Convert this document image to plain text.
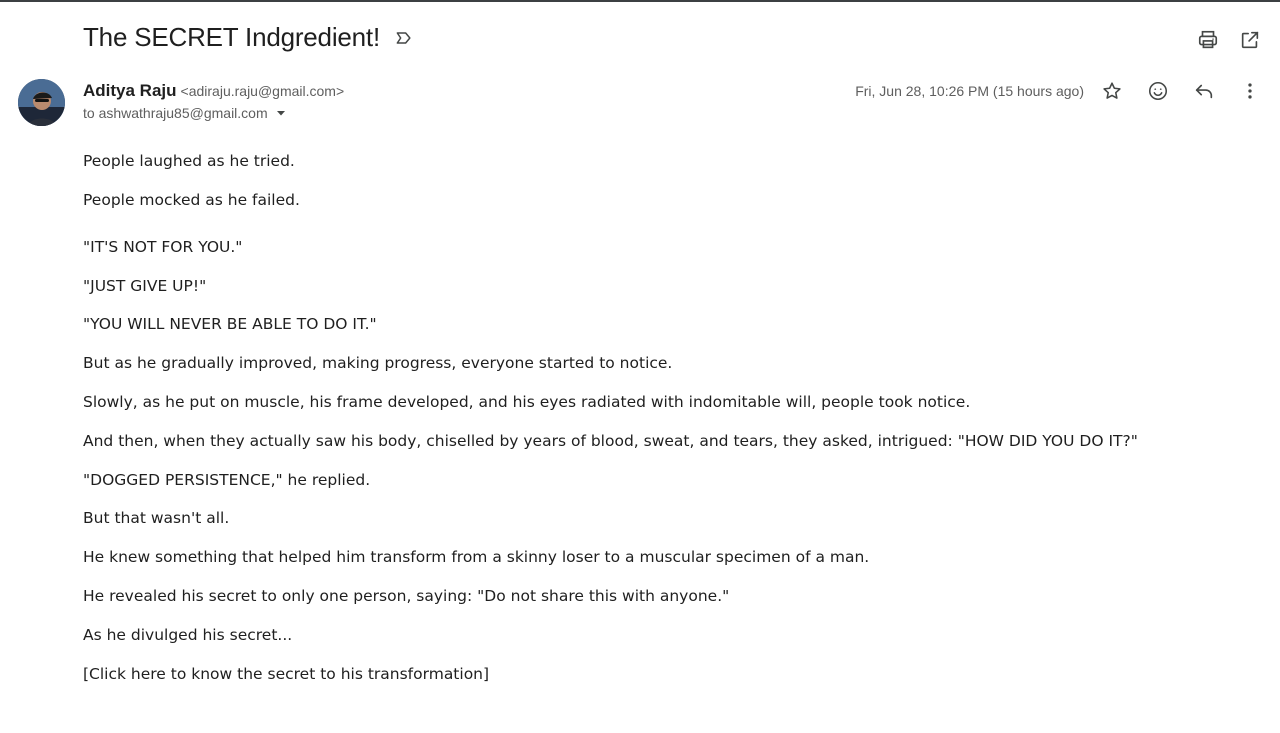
The SECRET Indgredient!
Aditya Raju <adiraju.raju@gmail.com>
to ashwathraju85@gmail.com
Fri, Jun 28, 10:26 PM (15 hours ago)

People laughed as he tried.

People mocked as he failed.

"IT'S NOT FOR YOU."

"JUST GIVE UP!"

"YOU WILL NEVER BE ABLE TO DO IT."

But as he gradually improved, making progress, everyone started to notice.

Slowly, as he put on muscle, his frame developed, and his eyes radiated with indomitable will, people took notice.

And then, when they actually saw his body, chiselled by years of blood, sweat, and tears, they asked, intrigued: "HOW DID YOU DO IT?"

"DOGGED PERSISTENCE," he replied.

But that wasn't all.

He knew something that helped him transform from a skinny loser to a muscular specimen of a man.

He revealed his secret to only one person, saying: "Do not share this with anyone."

As he divulged his secret...

[Click here to know the secret to his transformation]
